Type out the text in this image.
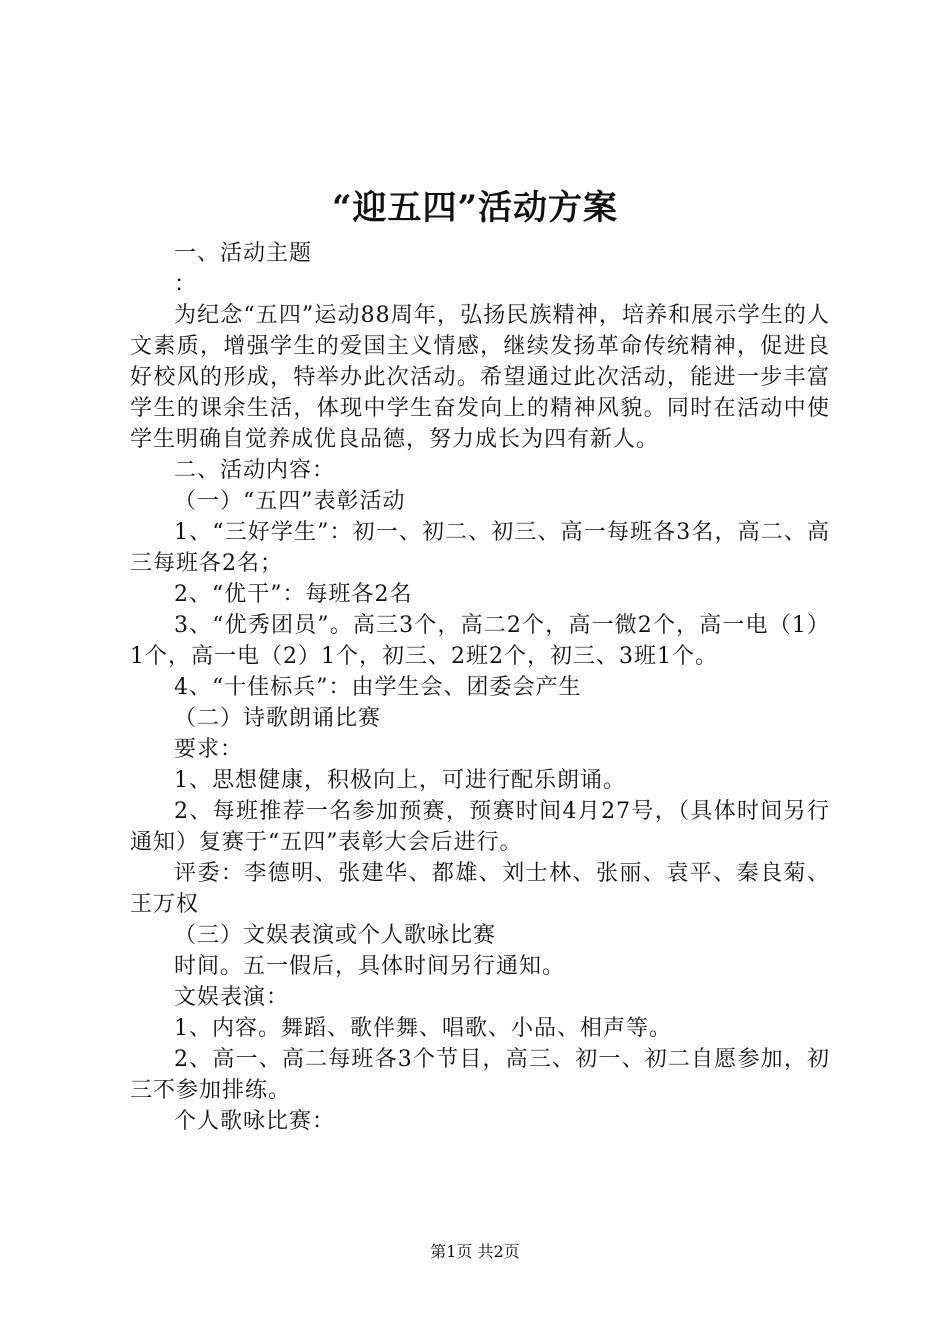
“迎五四”活动方案

一、活动主题

：

为纪念“五四”运动88周年，弘扬民族精神，培养和展示学生的人文素质，增强学生的爱国主义情感，继续发扬革命传统精神，促进良好校风的形成，特举办此次活动。希望通过此次活动，能进一步丰富学生的课余生活，体现中学生奋发向上的精神风貌。同时在活动中使学生明确自觉养成优良品德，努力成长为四有新人。

二、活动内容：

（一）“五四”表彰活动

1、“三好学生”：初一、初二、初三、高一每班各3名，高二、高三每班各2名；

2、“优干”：每班各2名

3、“优秀团员”。高三3个，高二2个，高一微2个，高一电（1）1个，高一电（2）1个，初三、2班2个，初三、3班1个。

4、“十佳标兵”：由学生会、团委会产生

（二）诗歌朗诵比赛

要求：

1、思想健康，积极向上，可进行配乐朗诵。

2、每班推荐一名参加预赛，预赛时间4月27号，（具体时间另行通知）复赛于“五四”表彰大会后进行。

评委：李德明、张建华、都雄、刘士林、张丽、袁平、秦良菊、王万权

（三）文娱表演或个人歌咏比赛

时间。五一假后，具体时间另行通知。

文娱表演：

1、内容。舞蹈、歌伴舞、唱歌、小品、相声等。

2、高一、高二每班各3个节目，高三、初一、初二自愿参加，初三不参加排练。

个人歌咏比赛：

第1页 共2页
